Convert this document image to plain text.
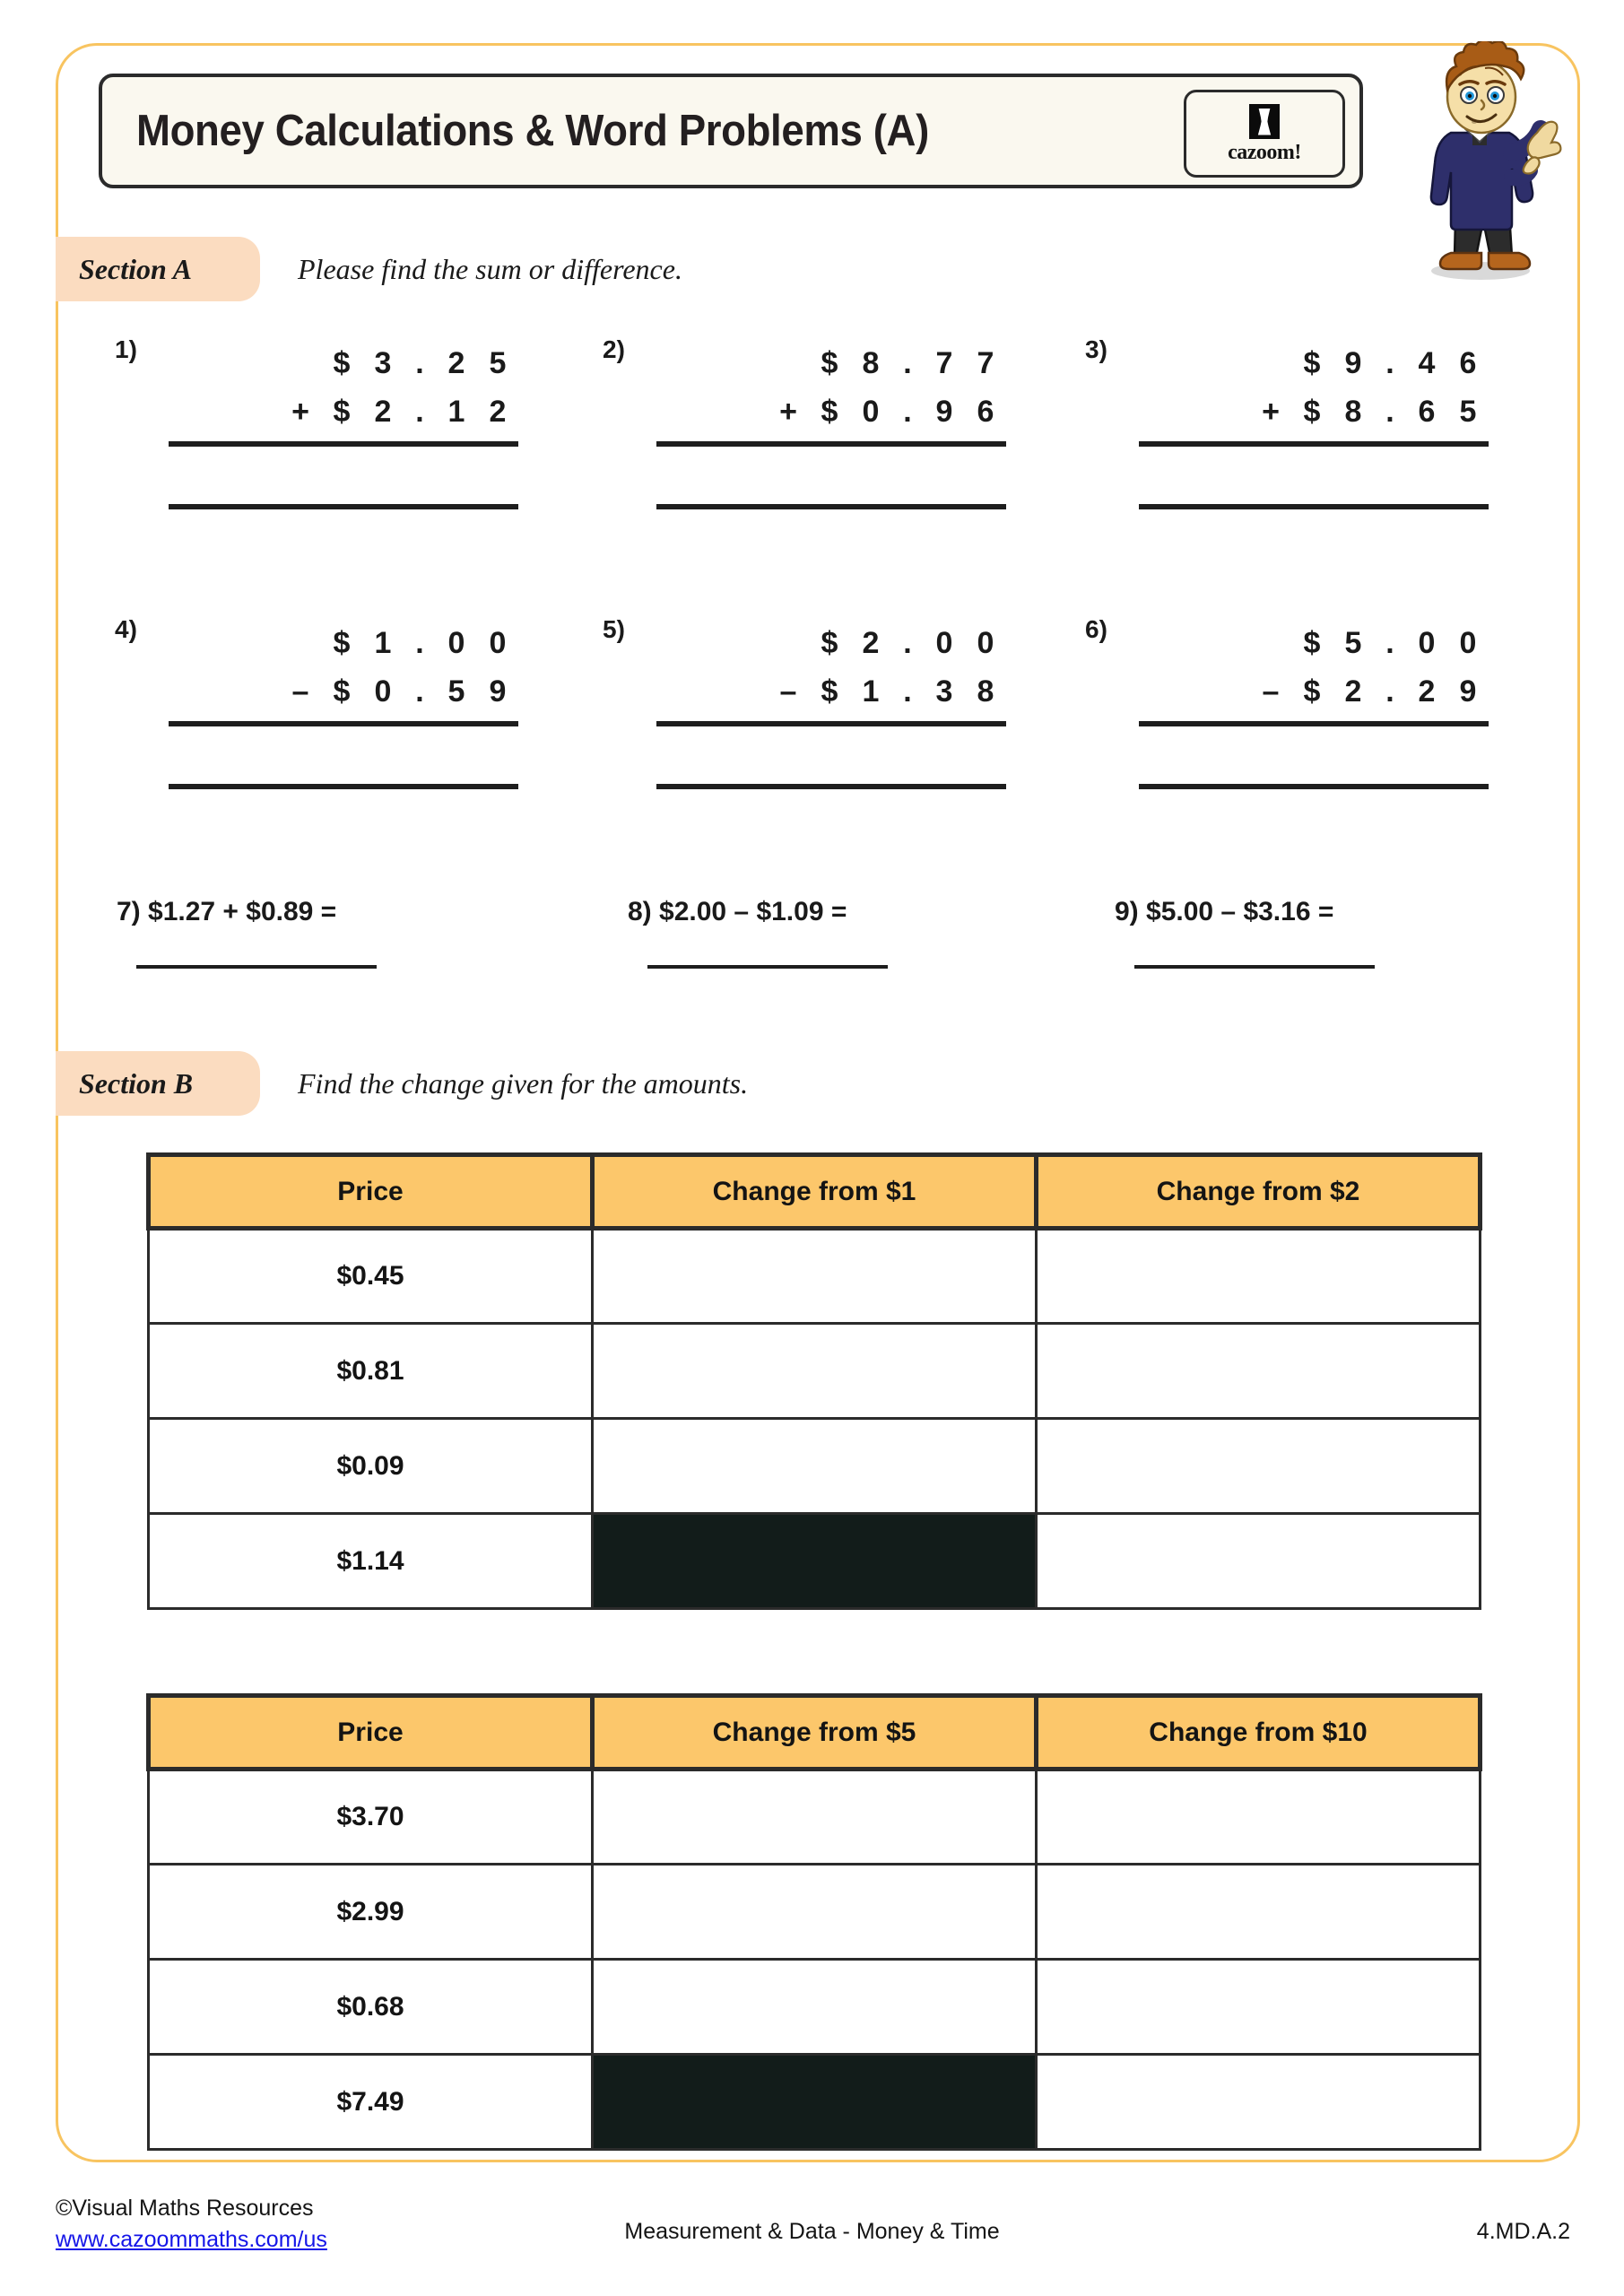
Money Calculations & Word Problems (A)	cazoom!
Section A	Please find the sum or difference.
1)	$ 3 . 2 5
+ $ 2 . 1 2
2)	$ 8 . 7 7
+ $ 0 . 9 6
3)	$ 9 . 4 6
+ $ 8 . 6 5
4)	$ 1 . 0 0
– $ 0 . 5 9
5)	$ 2 . 0 0
– $ 1 . 3 8
6)	$ 5 . 0 0
– $ 2 . 2 9
7) $1.27 + $0.89 =	8) $2.00 – $1.09 =	9) $5.00 – $3.16 =
Section B	Find the change given for the amounts.
Price	Change from $1	Change from $2
$0.45		
$0.81		
$0.09		
$1.14		
Price	Change from $5	Change from $10
$3.70		
$2.99		
$0.68		
$7.49		
©Visual Maths Resources
www.cazoommaths.com/us	Measurement & Data - Money & Time	4.MD.A.2
